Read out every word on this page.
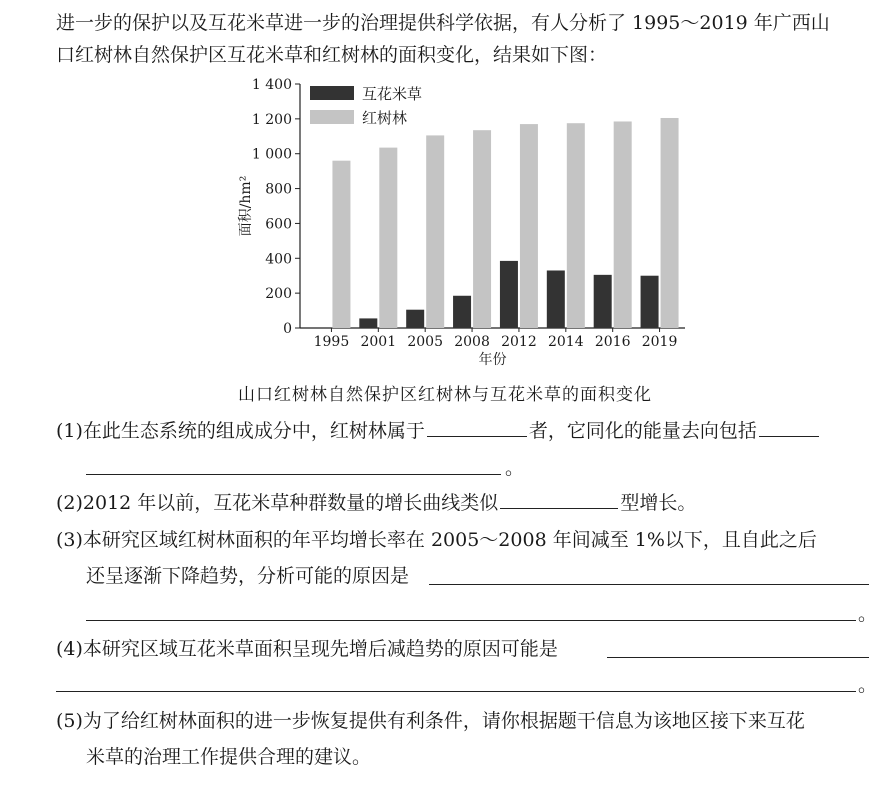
进一步的保护以及互花米草进一步的治理提供科学依据，有人分析了 1995～2019 年广西山
口红树林自然保护区互花米草和红树林的面积变化，结果如下图：
0
200
400
600
800
1 000
1 200
1 400
面积/hm²
1995 2001 2005 2008 2012 2014 2016 2019
年份
互花米草
红树林
山口红树林自然保护区红树林与互花米草的面积变化
(1)在此生态系统的组成成分中，红树林属于	者，它同化的能量去向包括
。
(2)2012 年以前，互花米草种群数量的增长曲线类似	型增长。
(3)本研究区域红树林面积的年平均增长率在 2005～2008 年间减至 1%以下，且自此之后
还呈逐渐下降趋势，分析可能的原因是
。
(4)本研究区域互花米草面积呈现先增后减趋势的原因可能是
。
(5)为了给红树林面积的进一步恢复提供有利条件，请你根据题干信息为该地区接下来互花
米草的治理工作提供合理的建议。
